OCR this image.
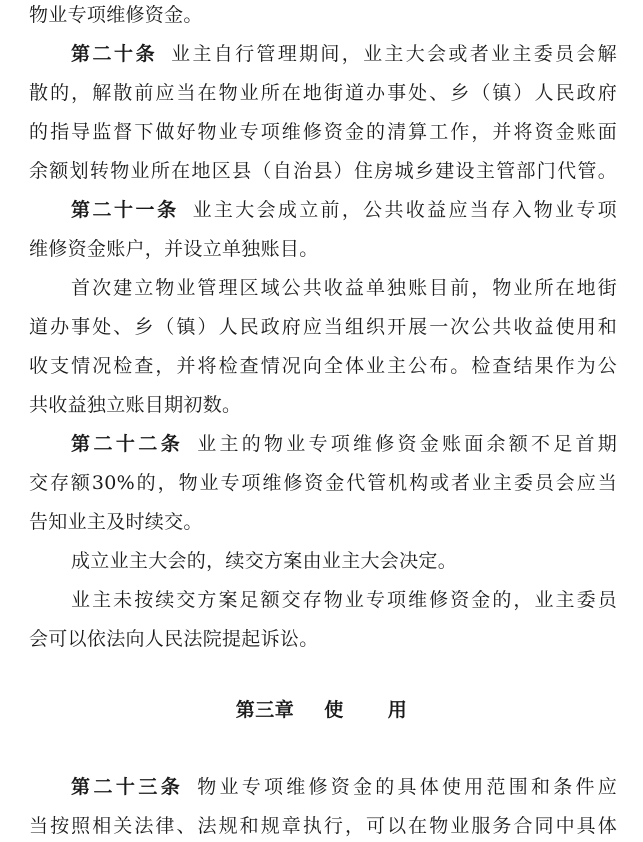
物业专项维修资金。
第二十条 业主自行管理期间，业主大会或者业主委员会解
散的，解散前应当在物业所在地街道办事处、乡（镇）人民政府
的指导监督下做好物业专项维修资金的清算工作，并将资金账面
余额划转物业所在地区县（自治县）住房城乡建设主管部门代管。
第二十一条 业主大会成立前，公共收益应当存入物业专项
维修资金账户，并设立单独账目。
首次建立物业管理区域公共收益单独账目前，物业所在地街
道办事处、乡（镇）人民政府应当组织开展一次公共收益使用和
收支情况检查，并将检查情况向全体业主公布。检查结果作为公
共收益独立账目期初数。
第二十二条 业主的物业专项维修资金账面余额不足首期
交存额30%的，物业专项维修资金代管机构或者业主委员会应当
告知业主及时续交。
成立业主大会的，续交方案由业主大会决定。
业主未按续交方案足额交存物业专项维修资金的，业主委员
会可以依法向人民法院提起诉讼。
第三章 使 用
第二十三条 物业专项维修资金的具体使用范围和条件应
当按照相关法律、法规和规章执行，可以在物业服务合同中具体
